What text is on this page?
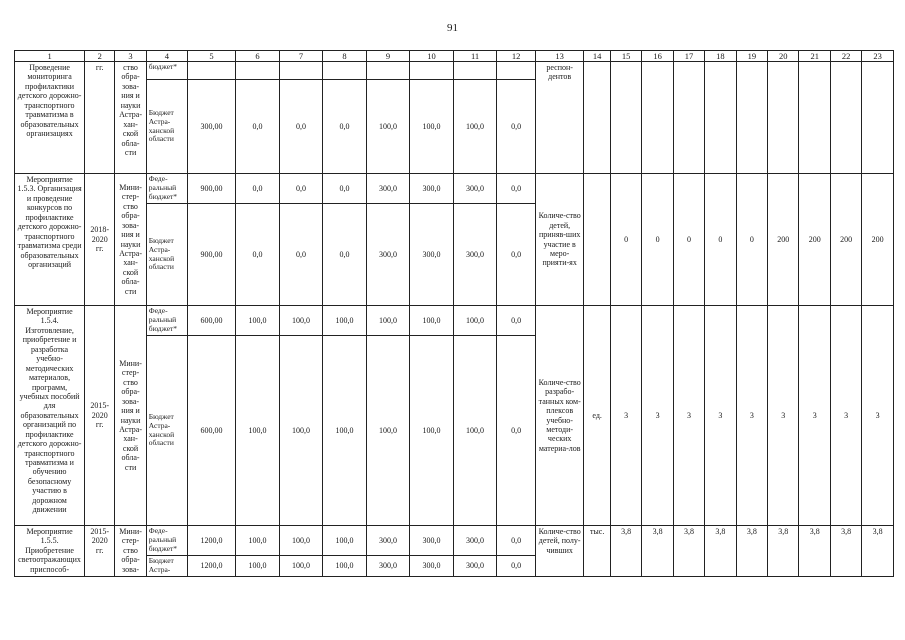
91
1	2	3	4	5	6	7	8	9	10	11	12	13	14	15	16	17	18	19	20	21	22	23
Проведение мониторинга профилактики детского дорожно-транспортного травматизма в образовательных организациях	гг.	ство обра-зова-ния и науки Астра-хан-ской обла-сти	бюджет*									респон-дентов										
			Бюджет Астра-ханской области	300,00	0,0	0,0	0,0	100,0	100,0	100,0	0,0											
Мероприятие 1.5.3. Организация и проведение конкурсов по профилактике детского дорожно-транспортного травматизма среди образовательных организаций	2018-2020 гг.	Мини-стер-ство обра-зова-ния и науки Астра-хан-ской обла-сти	Феде-ральный бюджет*	900,00	0,0	0,0	0,0	300,0	300,0	300,0	0,0	Количе-ство детей, приняв-ших участие в меро-прияти-ях		0	0	0	0	0	200	200	200	200
			Бюджет Астра-ханской области	900,00	0,0	0,0	0,0	300,0	300,0	300,0	0,0											
Мероприятие 1.5.4. Изготовление, приобретение и разработка учебно-методических материалов, программ, учебных пособий для образовательных организаций по профилактике детского дорожно-транспортного травматизма и обучению безопасному участию в дорожном движении	2015-2020 гг.	Мини-стер-ство обра-зова-ния и науки Астра-хан-ской обла-сти	Феде-ральный бюджет*	600,00	100,0	100,0	100,0	100,0	100,0	100,0	0,0	Количе-ство разрабо-танных ком-плексов учебно-методи-ческих материа-лов	ед.	3	3	3	3	3	3	3	3	3
			Бюджет Астра-ханской области	600,00	100,0	100,0	100,0	100,0	100,0	100,0	0,0											
Мероприятие 1.5.5. Приобретение светоотражающих приспособ-	2015-2020 гг.	Мини-стер-ство обра-зова-	Феде-ральный бюджет*	1200,0	100,0	100,0	100,0	300,0	300,0	300,0	0,0	Количе-ство детей, полу-чивших	тыс.	3,8	3,8	3,8	3,8	3,8	3,8	3,8	3,8	3,8
			Бюджет Астра-	1200,0	100,0	100,0	100,0	300,0	300,0	300,0	0,0											
